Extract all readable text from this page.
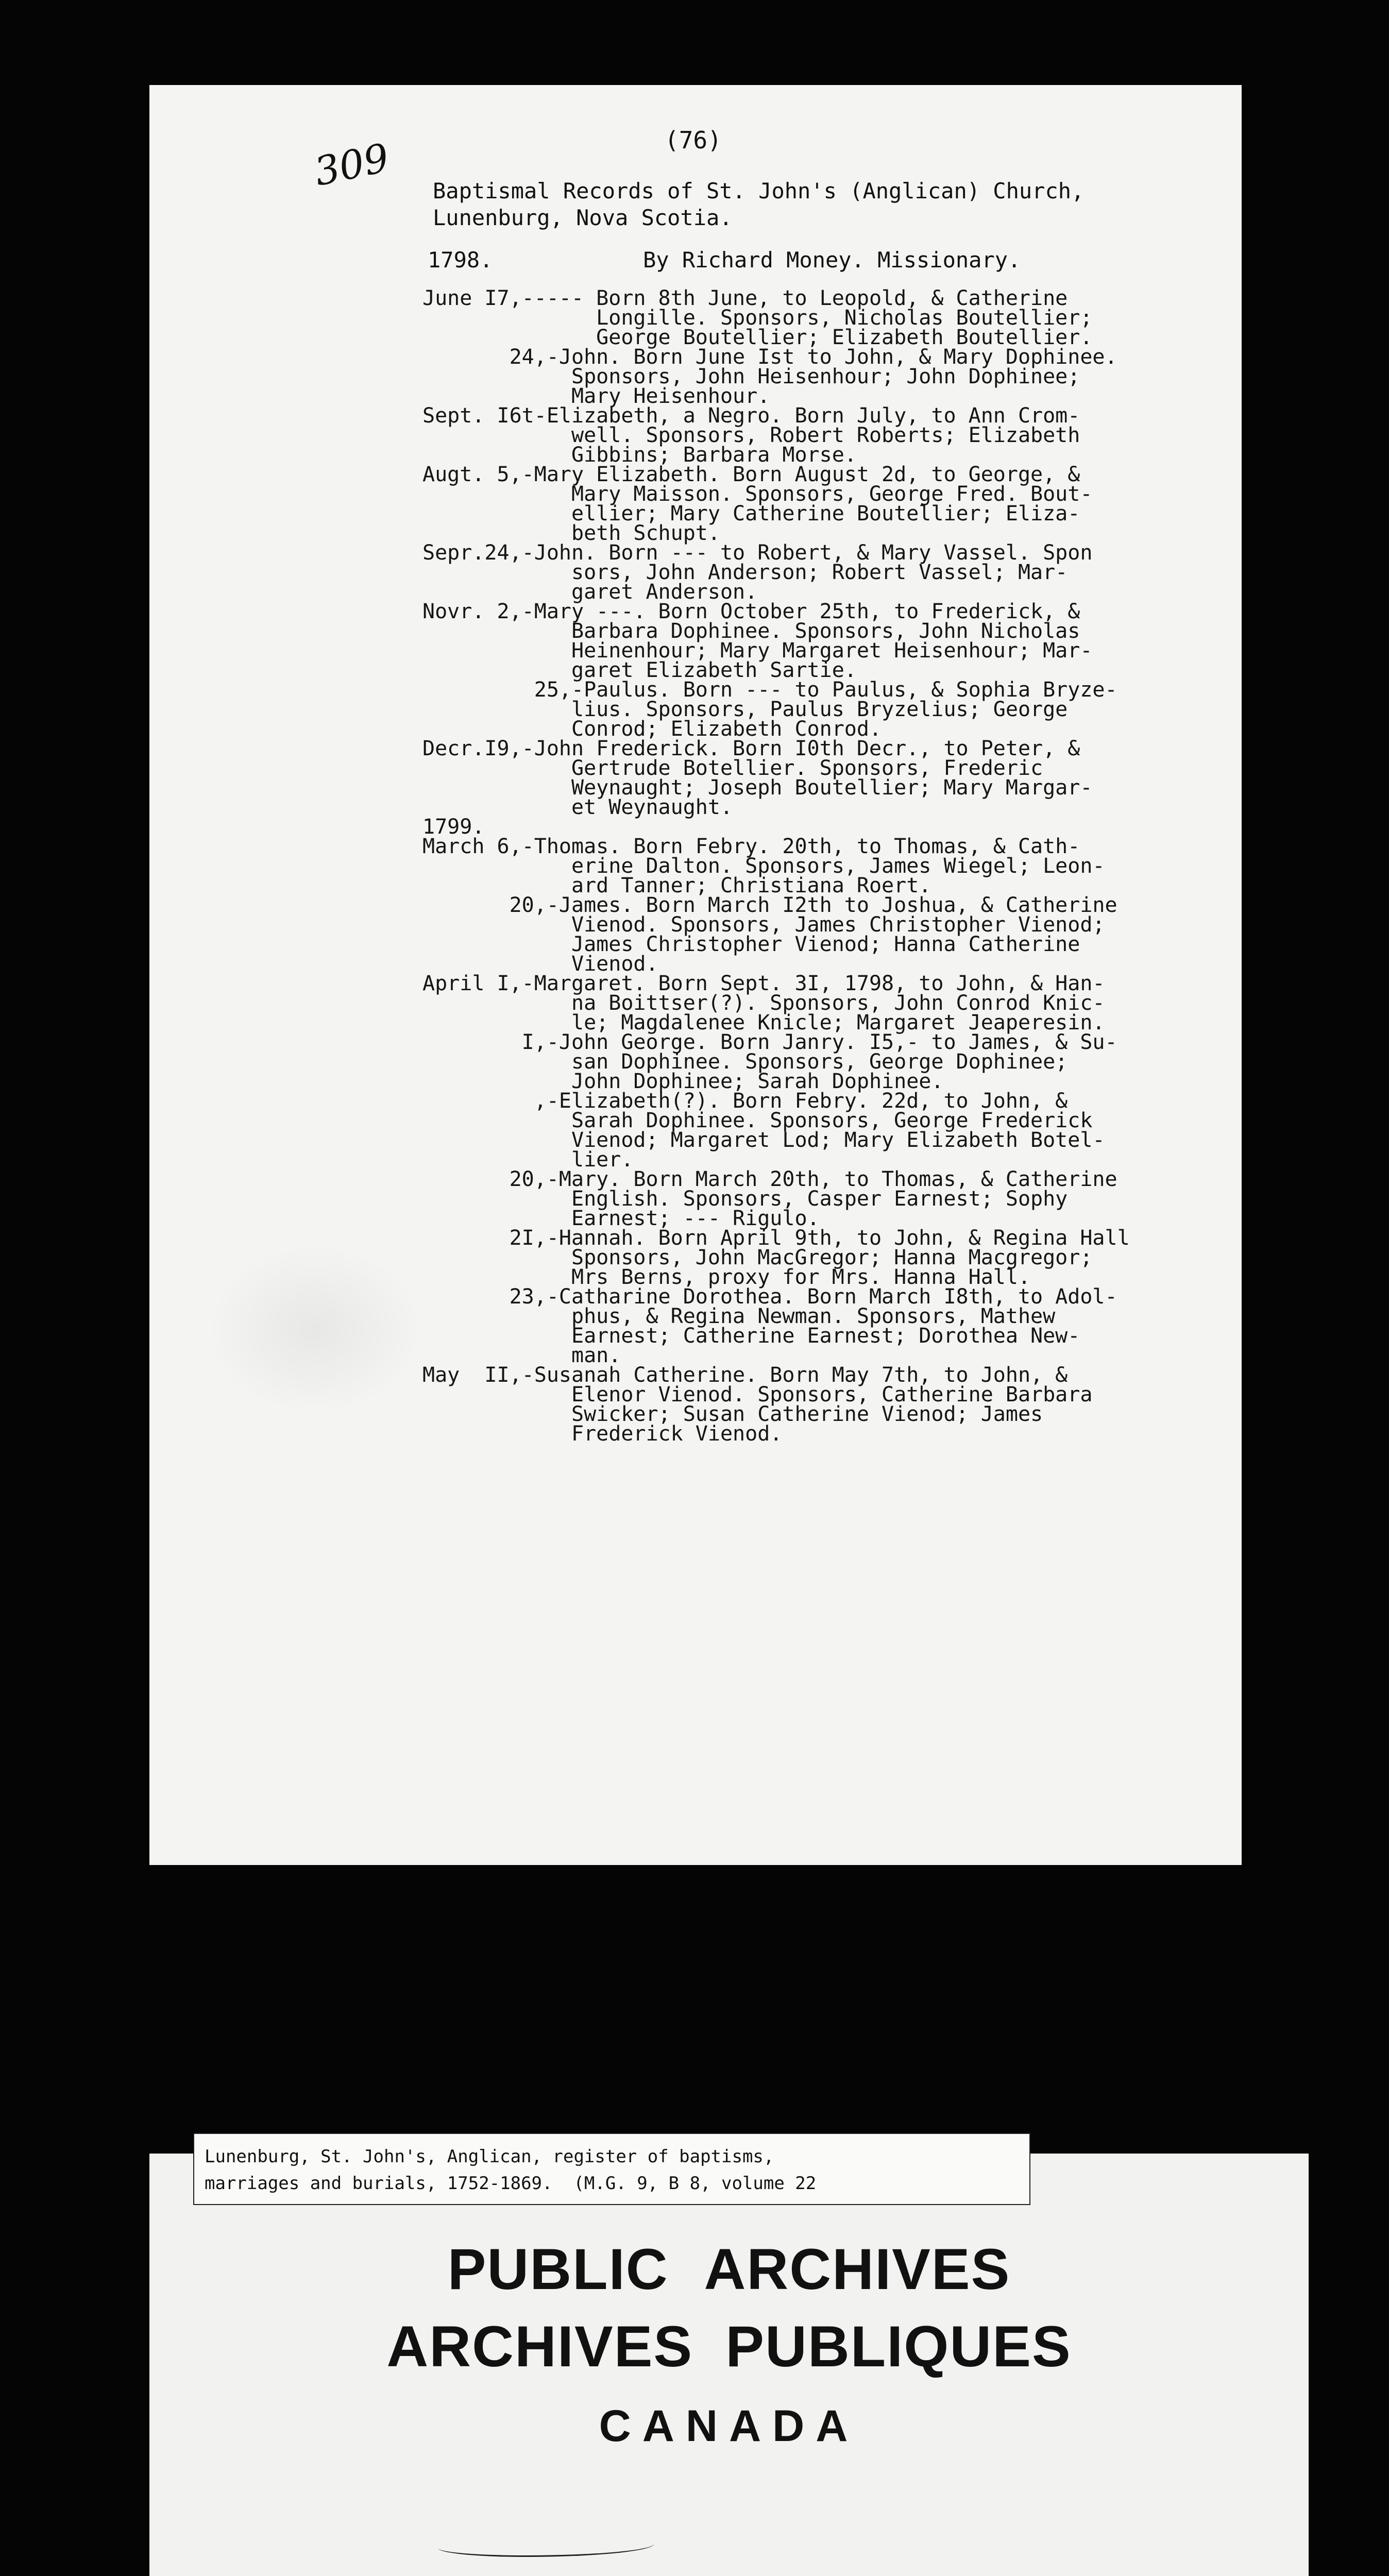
309	(76)
Baptismal Records of St. John's (Anglican) Church,
Lunenburg, Nova Scotia.
1798.	By Richard Money. Missionary.
June I7,----- Born 8th June, to Leopold, & Catherine
Longille. Sponsors, Nicholas Boutellier;
George Boutellier; Elizabeth Boutellier.
24,-John. Born June Ist to John, & Mary Dophinee.
Sponsors, John Heisenhour; John Dophinee;
Mary Heisenhour.
Sept. I6t-Elizabeth, a Negro. Born July, to Ann Crom-
well. Sponsors, Robert Roberts; Elizabeth
Gibbins; Barbara Morse.
Augt. 5,-Mary Elizabeth. Born August 2d, to George, &
Mary Maisson. Sponsors, George Fred. Bout-
ellier; Mary Catherine Boutellier; Eliza-
beth Schupt.
Sepr.24,-John. Born --- to Robert, & Mary Vassel. Spon
sors, John Anderson; Robert Vassel; Mar-
garet Anderson.
Novr. 2,-Mary ---. Born October 25th, to Frederick, &
Barbara Dophinee. Sponsors, John Nicholas
Heinenhour; Mary Margaret Heisenhour; Mar-
garet Elizabeth Sartie.
25,-Paulus. Born --- to Paulus, & Sophia Bryze-
lius. Sponsors, Paulus Bryzelius; George
Conrod; Elizabeth Conrod.
Decr.I9,-John Frederick. Born I0th Decr., to Peter, &
Gertrude Botellier. Sponsors, Frederic
Weynaught; Joseph Boutellier; Mary Margar-
et Weynaught.
1799.
March 6,-Thomas. Born Febry. 20th, to Thomas, & Cath-
erine Dalton. Sponsors, James Wiegel; Leon-
ard Tanner; Christiana Roert.
20,-James. Born March I2th to Joshua, & Catherine
Vienod. Sponsors, James Christopher Vienod;
James Christopher Vienod; Hanna Catherine
Vienod.
April I,-Margaret. Born Sept. 3I, 1798, to John, & Han-
na Boittser(?). Sponsors, John Conrod Knic-
le; Magdalenee Knicle; Margaret Jeaperesin.
I,-John George. Born Janry. I5,- to James, & Su-
san Dophinee. Sponsors, George Dophinee;
John Dophinee; Sarah Dophinee.
,-Elizabeth(?). Born Febry. 22d, to John, &
Sarah Dophinee. Sponsors, George Frederick
Vienod; Margaret Lod; Mary Elizabeth Botel-
lier.
20,-Mary. Born March 20th, to Thomas, & Catherine
English. Sponsors, Casper Earnest; Sophy
Earnest; --- Rigulo.
2I,-Hannah. Born April 9th, to John, & Regina Hall
Sponsors, John MacGregor; Hanna Macgregor;
Mrs Berns, proxy for Mrs. Hanna Hall.
23,-Catharine Dorothea. Born March I8th, to Adol-
phus, & Regina Newman. Sponsors, Mathew
Earnest; Catherine Earnest; Dorothea New-
man.
May  II,-Susanah Catherine. Born May 7th, to John, &
Elenor Vienod. Sponsors, Catherine Barbara
Swicker; Susan Catherine Vienod; James
Frederick Vienod.
PUBLIC ARCHIVES
ARCHIVES PUBLIQUES
CANADA
Lunenburg, St. John's, Anglican, register of baptisms,
marriages and burials, 1752-1869.  (M.G. 9, B 8, volume 22
